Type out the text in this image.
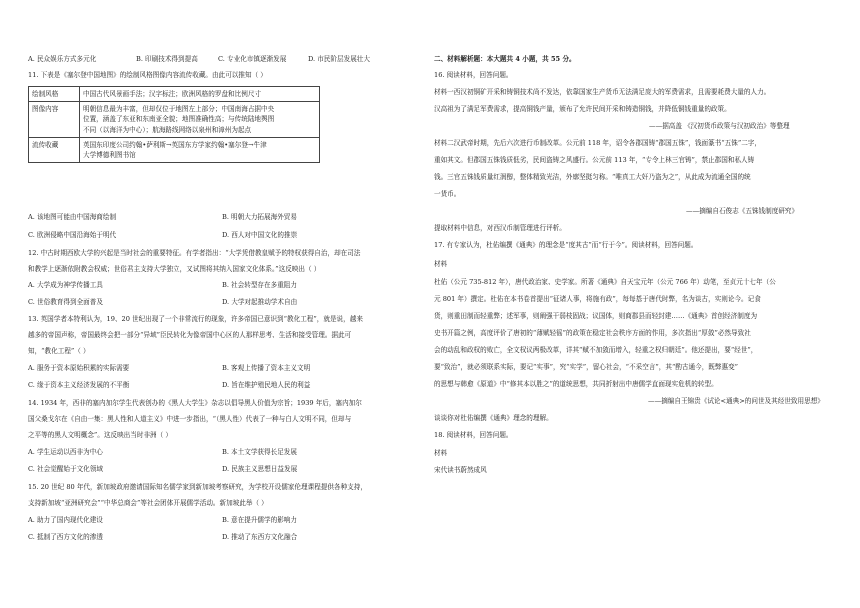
A. 民众娱乐方式多元化	B. 印刷技术得到提高	C. 专业化市镇逐渐发展	D. 市民阶层发展壮大
11. 下表是《塞尔登中国地图》的绘制风格图像内容流传收藏。由此可以推知（ ）
绘制风格	中国古代风景画手法；汉字标注；欧洲风格的罗盘和比例尺寸

图像内容	明朝信息最为丰富，但却仅位于地图左上部分；中国南海占据中央
位置，涵盖了东亚和东南亚全貌；地图准确性高；与传统陆地舆图
不同（以海洋为中心）；航海路线网络以泉州和漳州为起点

流传收藏	英国东印度公司约翰•萨利斯→英国东方学家约翰•塞尔登→牛津
大学博德利图书馆
A. 该地图可能由中国海商绘制	B. 明朝大力拓展海外贸易
C. 欧洲侵略中国沿海始于明代	D. 西人对中国文化的推崇
12. 中古时期西欧大学的兴起是当时社会的重要特征。有学者指出：“大学凭借教皇赋予的特权获得自治，却在司法
和教学上逐渐依附教会权威；世俗君主支持大学独立，又试图将其纳入国家文化体系。”这反映出（ ）
A. 大学成为神学传播工具	B. 社会转型存在多重阻力
C. 世俗教育得到全面普及	D. 大学对起推动学术自由
13. 英国学者本特利认为，19、20 世纪出现了一个非常流行的现象，许多帝国已意识到“教化工程”，就是说，越来
越多的帝国声称，帝国最终会把一部分“异域”臣民转化为像帝国中心区的人那样思考、生活和接受管理。据此可
知，“教化工程”（ ）
A. 服务于资本原始积累的实际需要	B. 客观上传播了资本主义文明
C. 缘于资本主义经济发展的不平衡	D. 旨在维护殖民地人民的利益
14. 1934 年，西非的塞内加尔学生代表创办的《黑人大学生》杂志以倡导黑人价值为宗旨；1939 年后，塞内加尔
国父桑戈尔在《自由一集：黑人性和人道主义》中进一步指出，“（黑人性）代表了一种与白人文明不同，但却与
之平等的黑人文明概念”。这反映出当时非洲（ ）
A. 学生运动以西非为中心	B. 本土文学获得长足发展
C. 社会觉醒始于文化领域	D. 民族主义思想日益发展
15. 20 世纪 80 年代，新加坡政府邀请国际知名儒学家到新加坡考察研究，为学校开设儒家伦理课程提供各种支持，
支持新加坡“亚洲研究会”“中华总商会”等社会团体开展儒学活动。新加坡此举（ ）
A. 助力了国内现代化建设	B. 意在提升儒学的影响力
C. 抵制了西方文化的渗透	D. 推动了东西方文化融合
二、材料解析题：本大题共 4 小题，共 55 分。
16. 阅读材料，回答问题。
材料一西汉初铜矿开采和铸铜技术尚不发达，依靠国家生产货币无法满足庞大的军费需求，且需要耗费大量的人力。
汉高祖为了满足军费需求，提高铜钱产量，颁布了允许民间开采和铸造铜钱，并降低铜钱重量的政策。
——据高盖 《汉初货币政策与汉初政治》等整理
材料二汉武帝时期，先后六次进行币制改革。公元前 118 年，诏令各郡国铸“郡国五铢”，钱面篆书“五铢”二字，
重如其文。但郡国五铢钱质低劣，民间盗铸之风盛行。公元前 113 年，“专令上林三官铸”，禁止郡国和私人铸
钱。三官五铢钱质量红润醇，整体精致光洁，外廓坚挺匀称。“唯真工大奸乃盗为之”，从此成为流通全国的统
一货币。
——摘编自石俊志《五铢钱制度研究》
提取材料中信息，对西汉币制管理进行评析。
17. 有专家认为，杜佑编撰《通典》的理念是“度其古”而“行于今”。阅读材料，回答问题。
材料
杜佑（公元 735-812 年），唐代政治家、史学家。所著《通典》自天宝元年（公元 766 年）动笔，至贞元十七年（公
元 801 年）撰定。杜佑在本书卷首提出“征诸人事，将施有政”，每每基于唐代时弊，名为谈古，实则论今。记食
货，则重田制而轻重弊；述军事，则阐强干弱枝固战；议国体，则商郡县而轻封建……《通典》首创经济制度为
史书开篇之例，高度评价了唐初的“薄赋轻徭”的政策在稳定社会秩序方面的作用，多次指出“厚敛”必然导致社
会的动乱和政权的败亡，全文权议两极改革，详其“赋不加敛而增入，轻重之权归朝廷”。他还提出，要“经世”，
要“致治”，就必须联系实际，要记“实事”，究“实学”，留心社会，“不采空言”，其“酌古通今，既弊惠变”
的思想与韩愈《原道》中“修其本以胜之”的道统思想，共同折射出中唐儒学直面现实危机的转型。
——摘编自王锦贵《试论<通典>的问世及其经世致用思想》
谈谈你对杜佑编撰《通典》理念的理解。
18. 阅读材料，回答问题。
材料
宋代读书蔚然成风
